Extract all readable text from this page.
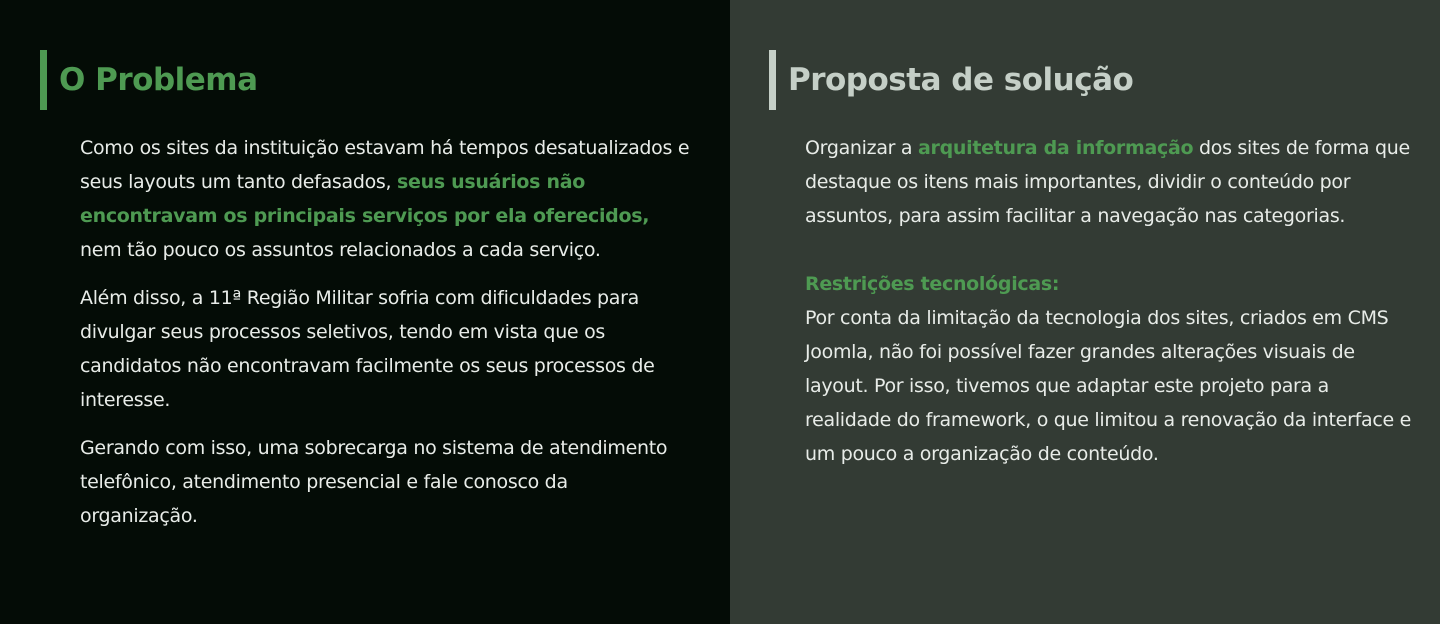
O Problema

Como os sites da instituição estavam há tempos desatualizados e seus layouts um tanto defasados, seus usuários não encontravam os principais serviços por ela oferecidos, nem tão pouco os assuntos relacionados a cada serviço.

Além disso, a 11ª Região Militar sofria com dificuldades para divulgar seus processos seletivos, tendo em vista que os candidatos não encontravam facilmente os seus processos de interesse.

Gerando com isso, uma sobrecarga no sistema de atendimento telefônico, atendimento presencial e fale conosco da organização.

Proposta de solução

Organizar a arquitetura da informação dos sites de forma que destaque os itens mais importantes, dividir o conteúdo por assuntos, para assim facilitar a navegação nas categorias.

Restrições tecnológicas:

Por conta da limitação da tecnologia dos sites, criados em CMS Joomla, não foi possível fazer grandes alterações visuais de layout. Por isso, tivemos que adaptar este projeto para a realidade do framework, o que limitou a renovação da interface e um pouco a organização de conteúdo.
